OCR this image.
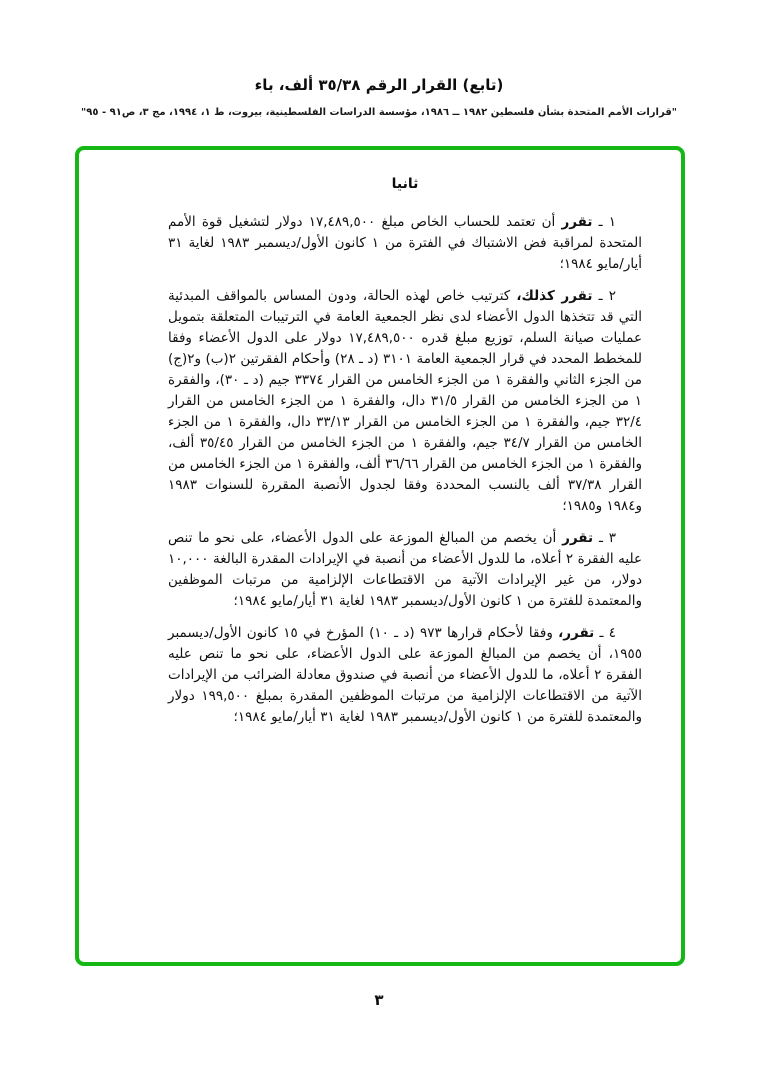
(تابع) القرار الرقم ٣٥/٣٨ ألف، باء
"قرارات الأمم المتحدة بشأن فلسطين ١٩٨٢ ــ ١٩٨٦، مؤسسة الدراسات الفلسطينية، بيروت، ط ١، ١٩٩٤، مج ٣، ص٩١ - ٩٥"
ثانيا

١ ـ تقرر أن تعتمد للحساب الخاص مبلغ ١٧,٤٨٩,٥٠٠ دولار لتشغيل قوة الأمم المتحدة لمراقبة فض الاشتباك في الفترة من ١ كانون الأول/ديسمبر ١٩٨٣ لغاية ٣١ أيار/مايو ١٩٨٤؛

٢ ـ تقرر كذلك، كترتيب خاص لهذه الحالة، ودون المساس بالمواقف المبدئية التي قد تتخذها الدول الأعضاء لدى نظر الجمعية العامة في الترتيبات المتعلقة بتمويل عمليات صيانة السلم، توزيع مبلغ قدره ١٧,٤٨٩,٥٠٠ دولار على الدول الأعضاء وفقا للمخطط المحدد في قرار الجمعية العامة ٣١٠١ (د ـ ٢٨) وأحكام الفقرتين ٢(ب) و٢(ج) من الجزء الثاني والفقرة ١ من الجزء الخامس من القرار ٣٣٧٤ جيم (د ـ ٣٠)، والفقرة ١ من الجزء الخامس من القرار ٣١/٥ دال، والفقرة ١ من الجزء الخامس من القرار ٣٢/٤ جيم، والفقرة ١ من الجزء الخامس من القرار ٣٣/١٣ دال، والفقرة ١ من الجزء الخامس من القرار ٣٤/٧ جيم، والفقرة ١ من الجزء الخامس من القرار ٣٥/٤٥ ألف، والفقرة ١ من الجزء الخامس من القرار ٣٦/٦٦ ألف، والفقرة ١ من الجزء الخامس من القرار ٣٧/٣٨ ألف بالنسب المحددة وفقا لجدول الأنصبة المقررة للسنوات ١٩٨٣ و١٩٨٤ و١٩٨٥؛

٣ ـ تقرر أن يخصم من المبالغ الموزعة على الدول الأعضاء، على نحو ما تنص عليه الفقرة ٢ أعلاه، ما للدول الأعضاء من أنصبة في الإيرادات المقدرة البالغة ١٠,٠٠٠ دولار، من غير الإيرادات الآتية من الاقتطاعات الإلزامية من مرتبات الموظفين والمعتمدة للفترة من ١ كانون الأول/ديسمبر ١٩٨٣ لغاية ٣١ أيار/مايو ١٩٨٤؛

٤ ـ تقرر، وفقا لأحكام قرارها ٩٧٣ (د ـ ١٠) المؤرخ في ١٥ كانون الأول/ديسمبر ١٩٥٥، أن يخصم من المبالغ الموزعة على الدول الأعضاء، على نحو ما تنص عليه الفقرة ٢ أعلاه، ما للدول الأعضاء من أنصبة في صندوق معادلة الضرائب من الإيرادات الآتية من الاقتطاعات الإلزامية من مرتبات الموظفين المقدرة بمبلغ ١٩٩,٥٠٠ دولار والمعتمدة للفترة من ١ كانون الأول/ديسمبر ١٩٨٣ لغاية ٣١ أيار/مايو ١٩٨٤؛

٣
